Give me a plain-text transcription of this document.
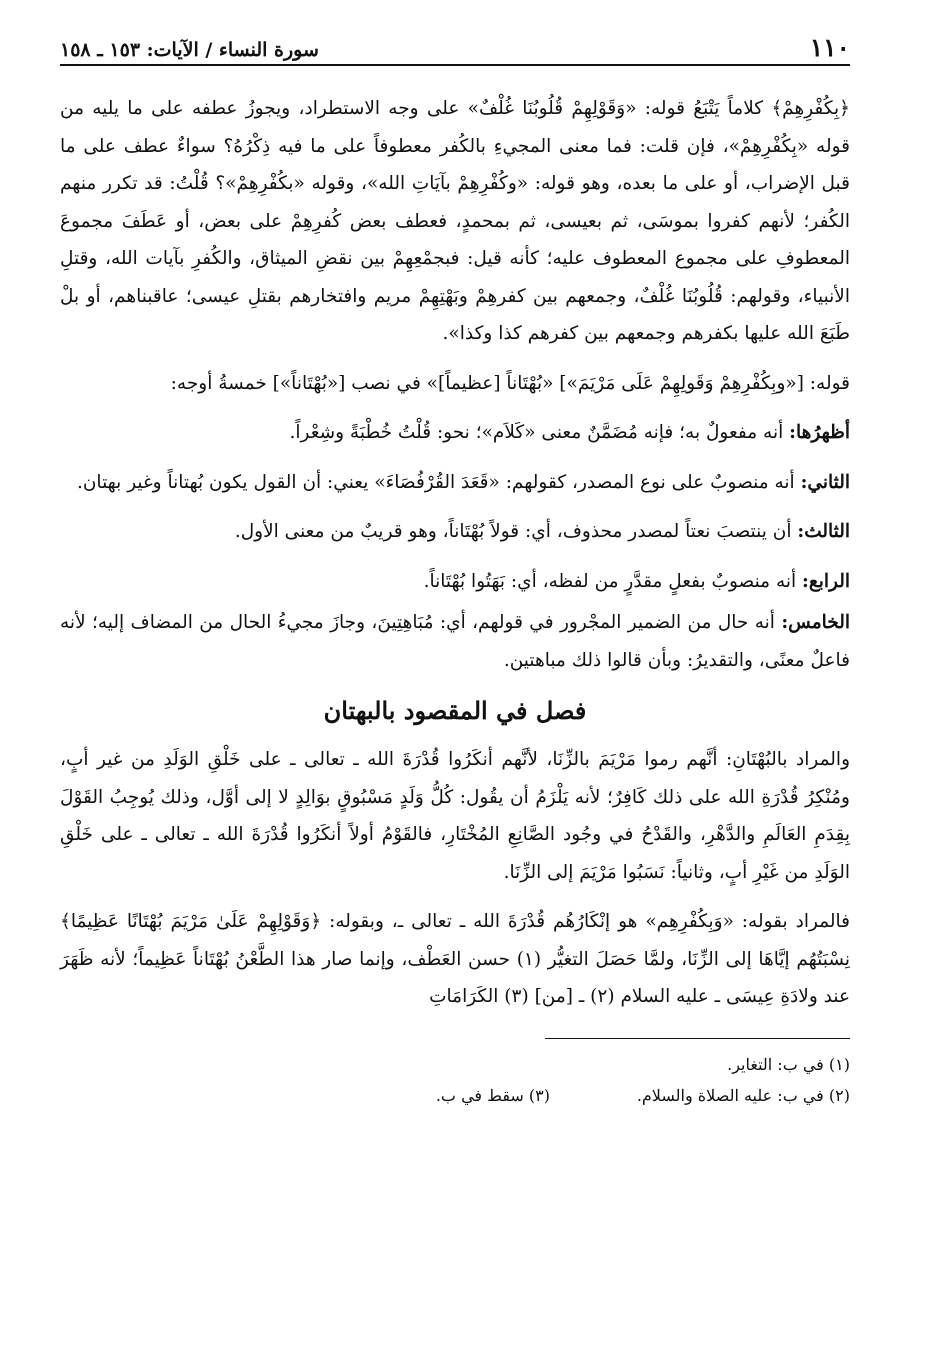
١١٠
سورة النساء / الآيات: ١٥٣ ـ ١٥٨

﴿بِكُفْرِهِمْ﴾ كلاماً يَتْبَعُ قوله: «وَقَوْلِهِمْ قُلُوبُنَا غُلْفٌ» على وجه الاستطراد، ويجوزُ عطفه على ما يليه من قوله «بِكُفْرِهِمْ»، فإن قلت: فما معنى المجيءِ بالكُفر معطوفاً على ما فيه ذِكْرُهُ؟ سواءٌ عطف على ما قبل الإضراب، أو على ما بعده، وهو قوله: «وكُفْرِهِمْ بآيَاتِ الله»، وقوله «بكُفْرِهِمْ»؟ قُلْتُ: قد تكرر منهم الكُفر؛ لأنهم كفروا بموسَى، ثم بعيسى، ثم بمحمدٍ، فعطف بعض كُفرِهِمْ على بعض، أو عَطَفَ مجموعَ المعطوفِ على مجموع المعطوف عليه؛ كأنه قيل: فبجمْعِهِمْ بين نقضِ الميثاق، والكُفرِ بآيات الله، وقتلِ الأنبياء، وقولهم: قُلُوبُنَا غُلْفٌ، وجمعهم بين كفرهِمْ وبَهْتِهِمْ مريم وافتخارهم بقتلِ عيسى؛ عاقبناهم، أو بلْ طَبَعَ الله عليها بكفرهم وجمعهم بين كفرهم كذا وكذا».

قوله: [«وبِكُفْرِهِمْ وَقَولِهِمْ عَلَى مَرْيَمَ»] «بُهْتَاناً [عظيماً]» في نصب [«بُهْتَاناً»] خمسةُ أوجه:

أظهرُها: أنه مفعولٌ به؛ فإنه مُضَمَّنٌ معنى «كَلاَم»؛ نحو: قُلْتُ خُطْبَةً وشِعْراً.

الثاني: أنه منصوبٌ على نوع المصدر، كقولهم: «قَعَدَ القُرْفُصَاءَ» يعني: أن القول يكون بُهتاناً وغير بهتان.

الثالث: أن ينتصبَ نعتاً لمصدر محذوف، أي: قولاً بُهْتَاناً، وهو قريبٌ من معنى الأول.

الرابع: أنه منصوبٌ بفعلٍ مقدَّرٍ من لفظه، أي: بَهَتُوا بُهْتَاناً.

الخامس: أنه حال من الضمير المجْرور في قولهم، أي: مُبَاهِتِينَ، وجازَ مجيءُ الحال من المضاف إليه؛ لأنه فاعلٌ معنًى، والتقديرُ: وبأن قالوا ذلك مباهتين.

فصل في المقصود بالبهتان

والمراد بالبُهْتَانِ: أنَّهم رموا مَرْيَمَ بالزِّنَا، لأنَّهم أنكَرُوا قُدْرَةَ الله ـ تعالى ـ على خَلْقِ الوَلَدِ من غير أبٍ، ومُنْكِرُ قُدْرَةِ الله على ذلك كَافِرٌ؛ لأنه يَلْزَمُ أن يقُول: كُلُّ وَلَدٍ مَسْبُوقٍ بوَالِدٍ لا إلى أوَّل، وذلك يُوجِبُ القَوْلَ بِقِدَمِ العَالَمِ والدَّهْرِ، والقَدْحُ في وجُود الصَّانِعِ المُخْتَارِ، فالقَوْمُ أولاً أنكَرُوا قُدْرَةَ الله ـ تعالى ـ على خَلْقِ الوَلَدِ من غَيْرِ أبٍ، وثانياً: نَسَبُوا مَرْيَمَ إلى الزِّنَا.

فالمراد بقوله: «وَبِكُفْرِهِم» هو إنْكَارُهُم قُدْرَةَ الله ـ تعالى ـ، وبقوله: ﴿وَقَوْلِهِمْ عَلَىٰ مَرْيَمَ بُهْتَانًا عَظِيمًا﴾ نِسْبَتُهُم إيَّاهَا إلى الزِّنَا، ولمَّا حَصَلَ التغيُّر (١) حسن العَطْف، وإنما صار هذا الطَّعْنُ بُهْتَاناً عَظِيماً؛ لأنه ظَهَرَ عند ولادَةِ عِيسَى ـ عليه السلام (٢) ـ [من] (٣) الكَرَامَاتِ

(١) في ب: التغاير.
(٢) في ب: عليه الصلاة والسلام.
(٣) سقط في ب.
